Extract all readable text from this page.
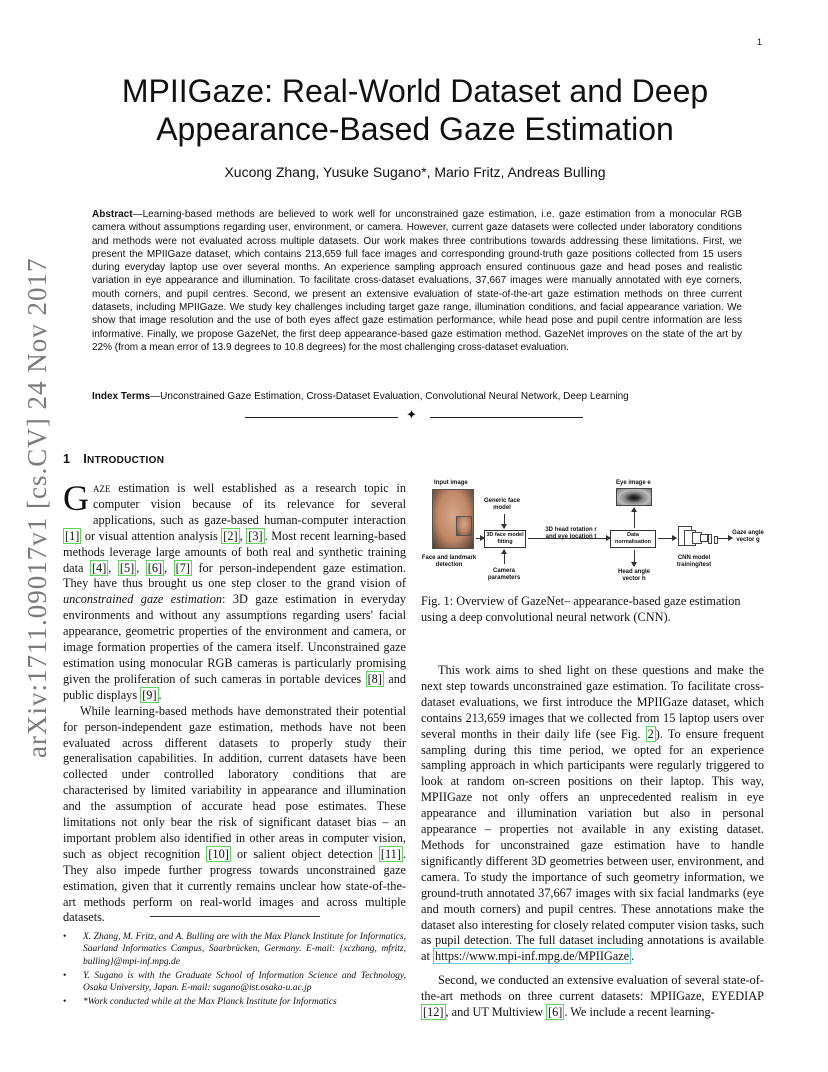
1
arXiv:1711.09017v1 [cs.CV] 24 Nov 2017
MPIIGaze: Real-World Dataset and Deep
Appearance-Based Gaze Estimation
Xucong Zhang, Yusuke Sugano*, Mario Fritz, Andreas Bulling
Abstract—Learning-based methods are believed to work well for unconstrained gaze estimation, i.e. gaze estimation from a monocular RGB camera without assumptions regarding user, environment, or camera. However, current gaze datasets were collected under laboratory conditions and methods were not evaluated across multiple datasets. Our work makes three contributions towards addressing these limitations. First, we present the MPIIGaze dataset, which contains 213,659 full face images and corresponding ground-truth gaze positions collected from 15 users during everyday laptop use over several months. An experience sampling approach ensured continuous gaze and head poses and realistic variation in eye appearance and illumination. To facilitate cross-dataset evaluations, 37,667 images were manually annotated with eye corners, mouth corners, and pupil centres. Second, we present an extensive evaluation of state-of-the-art gaze estimation methods on three current datasets, including MPIIGaze. We study key challenges including target gaze range, illumination conditions, and facial appearance variation. We show that image resolution and the use of both eyes affect gaze estimation performance, while head pose and pupil centre information are less informative. Finally, we propose GazeNet, the first deep appearance-based gaze estimation method. GazeNet improves on the state of the art by 22% (from a mean error of 13.9 degrees to 10.8 degrees) for the most challenging cross-dataset evaluation.
Index Terms—Unconstrained Gaze Estimation, Cross-Dataset Evaluation, Convolutional Neural Network, Deep Learning
✦
1 INTRODUCTION

Gaze estimation is well established as a research topic in computer vision because of its relevance for several applications, such as gaze-based human-computer interaction [1] or visual attention analysis [2] , [3] . Most recent learning-based methods leverage large amounts of both real and synthetic training data [4] , [5] , [6] , [7] for person-independent gaze estimation. They have thus brought us one step closer to the grand vision of unconstrained gaze estimation: 3D gaze estimation in everyday environments and without any assumptions regarding users' facial appearance, geometric properties of the environment and camera, or image formation properties of the camera itself. Unconstrained gaze estimation using monocular RGB cameras is particularly promising given the proliferation of such cameras in portable devices [8] and public displays [9] .

While learning-based methods have demonstrated their potential for person-independent gaze estimation, methods have not been evaluated across different datasets to properly study their generalisation capabilities. In addition, current datasets have been collected under controlled laboratory conditions that are characterised by limited variability in appearance and illumination and the assumption of accurate head pose estimates. These limitations not only bear the risk of significant dataset bias – an important problem also identified in other areas in computer vision, such as object recognition [10] or salient object detection [11] . They also impede further progress towards unconstrained gaze estimation, given that it currently remains unclear how state-of-the-art methods perform on real-world images and across multiple datasets.

• X. Zhang, M. Fritz, and A. Bulling are with the Max Planck Institute for Informatics, Saarland Informatics Campus, Saarbrücken, Germany. E-mail: {xczhang, mfritz, bulling}@mpi-inf.mpg.de
• Y. Sugano is with the Graduate School of Information Science and Technology, Osaka University, Japan. E-mail: sugano@ist.osaka-u.ac.jp
• *Work conducted while at the Max Planck Institute for Informatics
Input image
Face and landmark detection
Generic face model
3D face model fitting
Camera parameters
3D head rotation r and eye location t
Eye image e
Data normalisation
Head angle vector h
CNN model training/test
Gaze angle vector g
Fig. 1: Overview of GazeNet– appearance-based gaze estimation using a deep convolutional neural network (CNN).

This work aims to shed light on these questions and make the next step towards unconstrained gaze estimation. To facilitate cross-dataset evaluations, we first introduce the MPIIGaze dataset, which contains 213,659 images that we collected from 15 laptop users over several months in their daily life (see Fig. 2 ). To ensure frequent sampling during this time period, we opted for an experience sampling approach in which participants were regularly triggered to look at random on-screen positions on their laptop. This way, MPIIGaze not only offers an unprecedented realism in eye appearance and illumination variation but also in personal appearance – properties not available in any existing dataset. Methods for unconstrained gaze estimation have to handle significantly different 3D geometries between user, environment, and camera. To study the importance of such geometry information, we ground-truth annotated 37,667 images with six facial landmarks (eye and mouth corners) and pupil centres. These annotations make the dataset also interesting for closely related computer vision tasks, such as pupil detection. The full dataset including annotations is available at https://www.mpi-inf.mpg.de/MPIIGaze .

Second, we conducted an extensive evaluation of several state-of-the-art methods on three current datasets: MPIIGaze, EYEDIAP [12] , and UT Multiview [6] . We include a recent learning-
